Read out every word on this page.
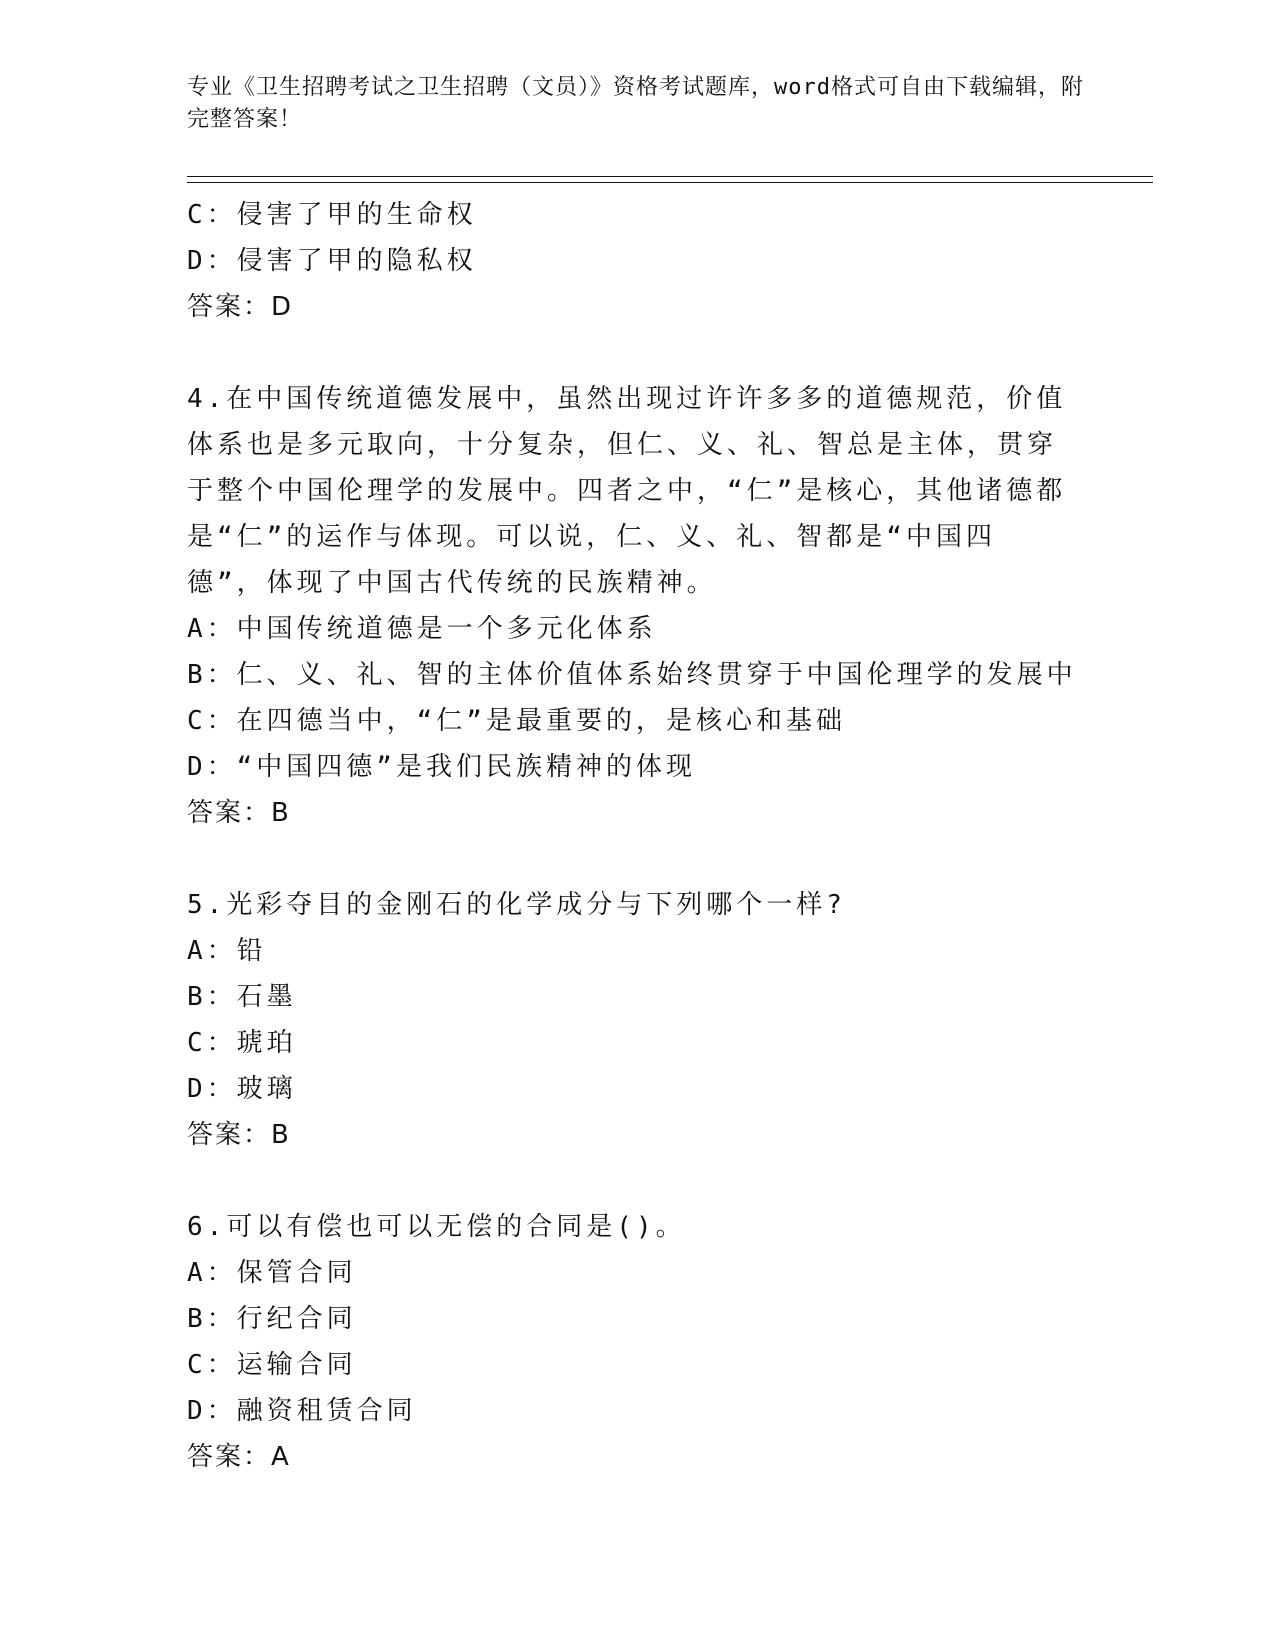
专业《卫生招聘考试之卫生招聘（文员）》资格考试题库，word格式可自由下载编辑，附完整答案！
C：侵害了甲的生命权
D：侵害了甲的隐私权
答案：D
4.在中国传统道德发展中，虽然出现过许许多多的道德规范，价值体系也是多元取向，十分复杂，但仁、义、礼、智总是主体，贯穿于整个中国伦理学的发展中。四者之中，“仁”是核心，其他诸德都是“仁”的运作与体现。可以说，仁、义、礼、智都是“中国四德”，体现了中国古代传统的民族精神。
A：中国传统道德是一个多元化体系
B：仁、义、礼、智的主体价值体系始终贯穿于中国伦理学的发展中
C：在四德当中，“仁”是最重要的，是核心和基础
D：“中国四德”是我们民族精神的体现
答案：B
5.光彩夺目的金刚石的化学成分与下列哪个一样?
A：铅
B：石墨
C：琥珀
D：玻璃
答案：B
6.可以有偿也可以无偿的合同是()。
A：保管合同
B：行纪合同
C：运输合同
D：融资租赁合同
答案：A
